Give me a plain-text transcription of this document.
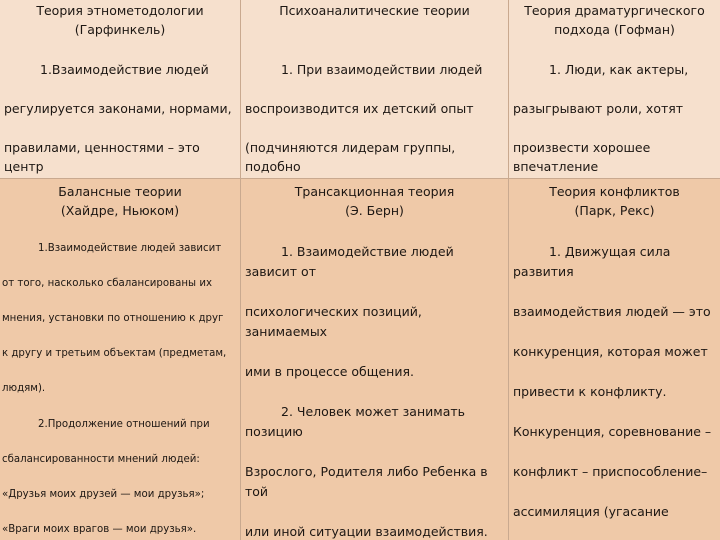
Теория этнометодологии
(Гарфинкель)

1.Взаимодействие людей

регулируется законами, нормами,

правилами, ценностями – это центр

Психоаналитические теории

1. При взаимодействии людей

воспроизводится их детский опыт

(подчиняются лидерам группы, подобно

Теория драматургического
подхода (Гофман)

1. Люди, как актеры,

разыгрывают роли, хотят

произвести хорошее впечатление

Балансные теории
(Хайдре, Ньюком)

1.Взаимодействие людей зависит

от того, насколько сбалансированы их

мнения, установки по отношению к друг

к другу и третьим объектам (предметам,

людям).

2.Продолжение отношений при

сбалансированности мнений людей:

«Друзья моих друзей — мои друзья»;

«Враги моих врагов — мои друзья».

Трансакционная теория
(Э. Берн)

1. Взаимодействие людей зависит от

психологических позиций, занимаемых

ими в процессе общения.

2. Человек может занимать позицию

Взрослого, Родителя либо Ребенка в той

или иной ситуации взаимодействия.

Теория конфликтов
(Парк, Рекс)

1. Движущая сила развития

взаимодействия людей — это

конкуренция, которая может

привести к конфликту.

Конкуренция, соревнование –

конфликт – приспособление–

ассимиляция (угасание
